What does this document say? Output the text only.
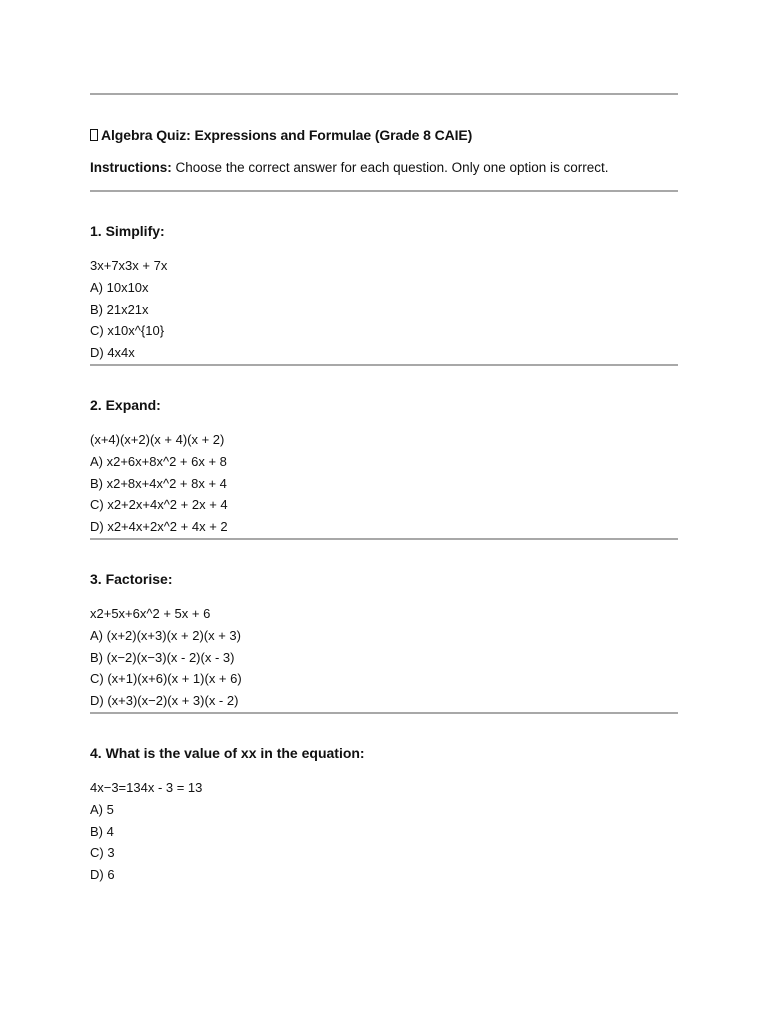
Algebra Quiz: Expressions and Formulae (Grade 8 CAIE)
Instructions: Choose the correct answer for each question. Only one option is correct.
1. Simplify:
3x+7x3x + 7x
A) 10x10x
B) 21x21x
C) x10x^{10}
D) 4x4x
2. Expand:
(x+4)(x+2)(x + 4)(x + 2)
A) x2+6x+8x^2 + 6x + 8
B) x2+8x+4x^2 + 8x + 4
C) x2+2x+4x^2 + 2x + 4
D) x2+4x+2x^2 + 4x + 2
3. Factorise:
x2+5x+6x^2 + 5x + 6
A) (x+2)(x+3)(x + 2)(x + 3)
B) (x−2)(x−3)(x - 2)(x - 3)
C) (x+1)(x+6)(x + 1)(x + 6)
D) (x+3)(x−2)(x + 3)(x - 2)
4. What is the value of xx in the equation:
4x−3=134x - 3 = 13
A) 5
B) 4
C) 3
D) 6
